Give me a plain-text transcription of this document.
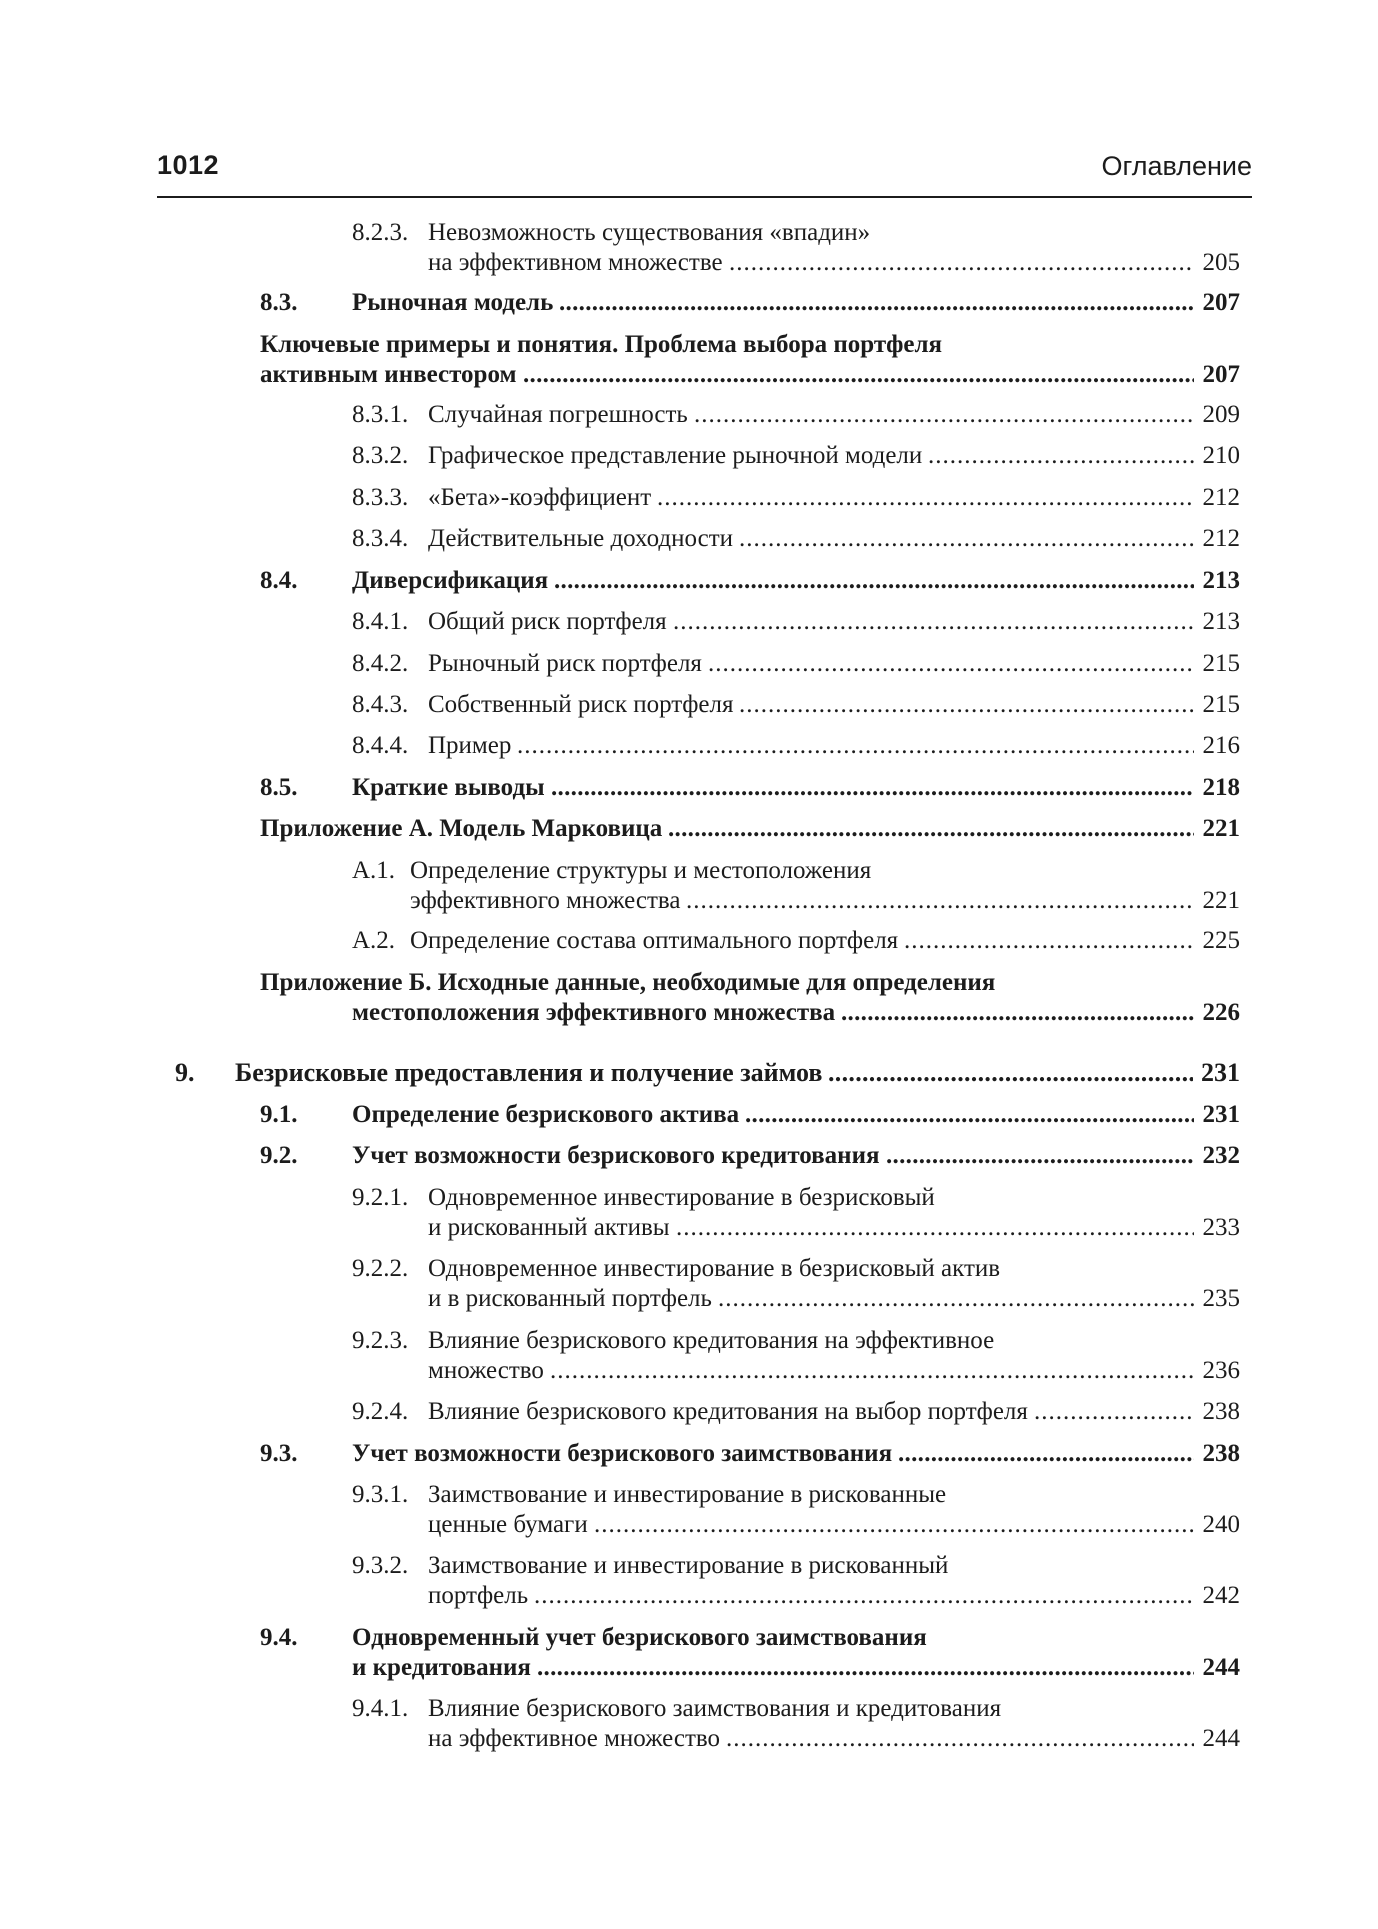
1012	Оглавление
8.2.3. Невозможность существования «впадин»
на эффективном множестве	205
.....
8.3. Рыночная модель	207
.....
Ключевые примеры и понятия. Проблема выбора портфеля
активным инвестором	207
.....
8.3.1. Случайная погрешность	209
.....
8.3.2. Графическое представление рыночной модели	210
.....
8.3.3. «Бета»-коэффициент	212
.....
8.3.4. Действительные доходности	212
.....
8.4. Диверсификация	213
.....
8.4.1. Общий риск портфеля	213
.....
8.4.2. Рыночный риск портфеля	215
.....
8.4.3. Собственный риск портфеля	215
.....
8.4.4. Пример	216
.....
8.5. Краткие выводы	218
.....
Приложение А. Модель Марковица	221
.....
А.1. Определение структуры и местоположения
эффективного множества	221
.....
А.2. Определение состава оптимального портфеля	225
.....
Приложение Б. Исходные данные, необходимые для определения
местоположения эффективного множества	226
.....
9. Безрисковые предоставления и получение займов	231
.....
9.1. Определение безрискового актива	231
.....
9.2. Учет возможности безрискового кредитования	232
.....
9.2.1. Одновременное инвестирование в безрисковый
и рискованный активы	233
.....
9.2.2. Одновременное инвестирование в безрисковый актив
и в рискованный портфель	235
.....
9.2.3. Влияние безрискового кредитования на эффективное
множество	236
.....
9.2.4. Влияние безрискового кредитования на выбор портфеля	238
.....
9.3. Учет возможности безрискового заимствования	238
.....
9.3.1. Заимствование и инвестирование в рискованные
ценные бумаги	240
.....
9.3.2. Заимствование и инвестирование в рискованный
портфель	242
.....
9.4. Одновременный учет безрискового заимствования
и кредитования	244
.....
9.4.1. Влияние безрискового заимствования и кредитования
на эффективное множество	244
.....
